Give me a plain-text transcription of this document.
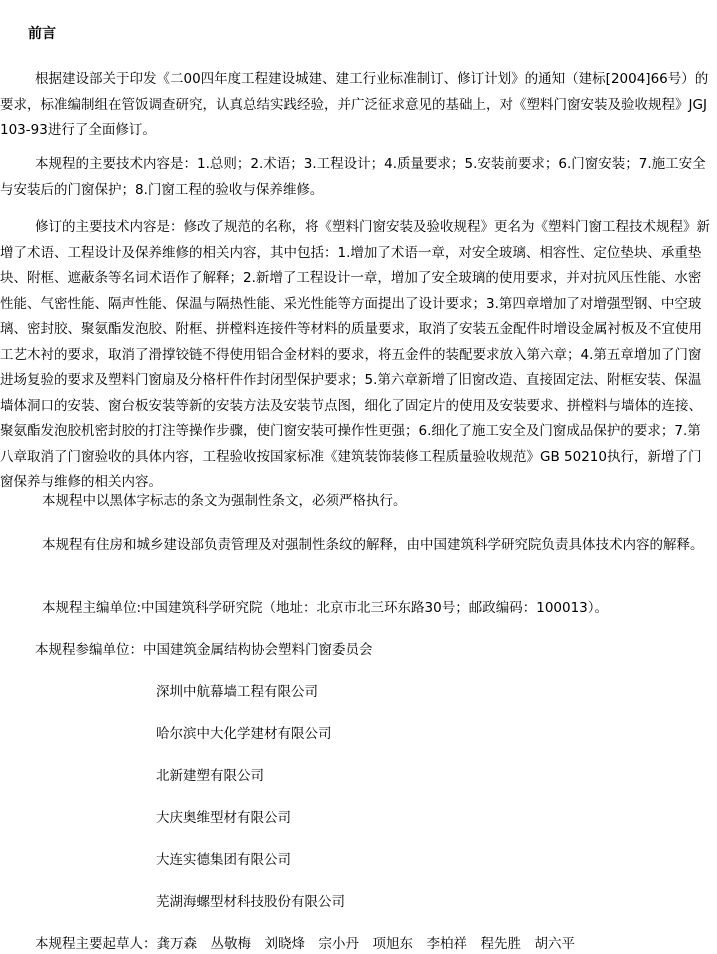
前言

根据建设部关于印发《二00四年度工程建设城建、建工行业标准制订、修订计划》的通知（建标[2004]66号）的要求，标准编制组在管饭调查研究，认真总结实践经验，并广泛征求意见的基础上，对《塑料门窗安装及验收规程》JGJ103-93进行了全面修订。

本规程的主要技术内容是：1.总则；2.术语；3.工程设计；4.质量要求；5.安装前要求；6.门窗安装；7.施工安全与安装后的门窗保护；8.门窗工程的验收与保养维修。

修订的主要技术内容是：修改了规范的名称，将《塑料门窗安装及验收规程》更名为《塑料门窗工程技术规程》新增了术语、工程设计及保养维修的相关内容，其中包括：1.增加了术语一章，对安全玻璃、相容性、定位垫块、承重垫块、附框、遮蔽条等名词术语作了解释；2.新增了工程设计一章，增加了安全玻璃的使用要求，并对抗风压性能、水密性能、气密性能、隔声性能、保温与隔热性能、采光性能等方面提出了设计要求；3.第四章增加了对增强型钢、中空玻璃、密封胶、聚氨酯发泡胶、附框、拼樘料连接件等材料的质量要求，取消了安装五金配件时增设金属衬板及不宜使用工艺木衬的要求，取消了滑撑铰链不得使用铝合金材料的要求，将五金件的装配要求放入第六章；4.第五章增加了门窗进场复验的要求及塑料门窗扇及分格杆件作封闭型保护要求；5.第六章新增了旧窗改造、直接固定法、附框安装、保温墙体洞口的安装、窗台板安装等新的安装方法及安装节点图，细化了固定片的使用及安装要求、拼樘料与墙体的连接、聚氨酯发泡胶机密封胶的打注等操作步骤，使门窗安装可操作性更强；6.细化了施工安全及门窗成品保护的要求；7.第八章取消了门窗验收的具体内容，工程验收按国家标准《建筑装饰装修工程质量验收规范》GB 50210执行，新增了门窗保养与维修的相关内容。

本规程中以黑体字标志的条文为强制性条文，必须严格执行。

本规程有住房和城乡建设部负责管理及对强制性条纹的解释，由中国建筑科学研究院负责具体技术内容的解释。

本规程主编单位:中国建筑科学研究院（地址：北京市北三环东路30号；邮政编码：100013）。

本规程参编单位：中国建筑金属结构协会塑料门窗委员会
深圳中航幕墙工程有限公司
哈尔滨中大化学建材有限公司
北新建塑有限公司
大庆奥维型材有限公司
大连实德集团有限公司
芜湖海螺型材科技股份有限公司
本规程主要起草人：龚万森　丛敬梅　刘晓烽　宗小丹　项旭东　李柏祥　程先胜　胡六平
